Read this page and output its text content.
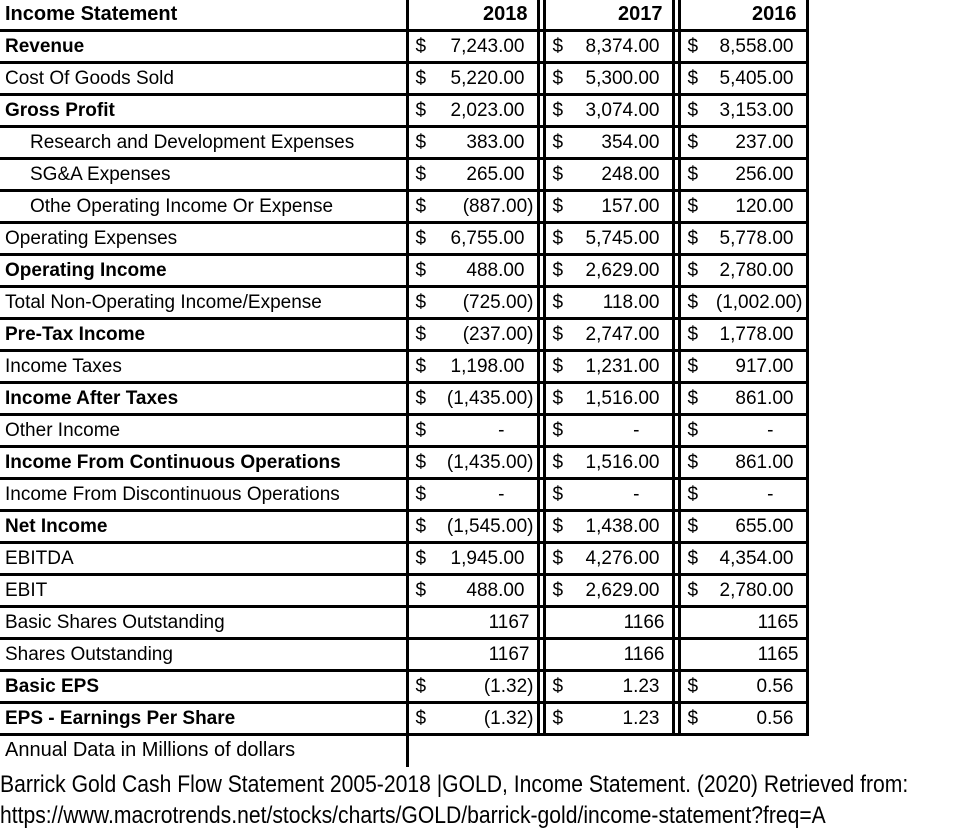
Income Statement	2018		2017		2016
Revenue	$ 7,243.00		$ 8,374.00		$ 8,558.00

Cost Of Goods Sold	$ 5,220.00		$ 5,300.00		$ 5,405.00

Gross Profit	$ 2,023.00		$ 3,074.00		$ 3,153.00

Research and Development Expenses	$ 383.00		$ 354.00		$ 237.00

SG&A Expenses	$ 265.00		$ 248.00		$ 256.00

Othe Operating Income Or Expense	$ (887.00)		$ 157.00		$ 120.00

Operating Expenses	$ 6,755.00		$ 5,745.00		$ 5,778.00

Operating Income	$ 488.00		$ 2,629.00		$ 2,780.00

Total Non-Operating Income/Expense	$ (725.00)		$ 118.00		$ (1,002.00)

Pre-Tax Income	$ (237.00)		$ 2,747.00		$ 1,778.00

Income Taxes	$ 1,198.00		$ 1,231.00		$ 917.00

Income After Taxes	$ (1,435.00)		$ 1,516.00		$ 861.00

Other Income	$ -		$ -		$ -

Income From Continuous Operations	$ (1,435.00)		$ 1,516.00		$ 861.00

Income From Discontinuous Operations	$ -		$ -		$ -

Net Income	$ (1,545.00)		$ 1,438.00		$ 655.00

EBITDA	$ 1,945.00		$ 4,276.00		$ 4,354.00

EBIT	$ 488.00		$ 2,629.00		$ 2,780.00

Basic Shares Outstanding	1167		1166		1165

Shares Outstanding	1167		1166		1165

Basic EPS	$ (1.32)		$ 1.23		$ 0.56

EPS - Earnings Per Share	$ (1.32)		$ 1.23		$ 0.56
Annual Data in Millions of dollars
Barrick Gold Cash Flow Statement 2005-2018 |GOLD, Income Statement. (2020) Retrieved from:
https://www.macrotrends.net/stocks/charts/GOLD/barrick-gold/income-statement?freq=A
